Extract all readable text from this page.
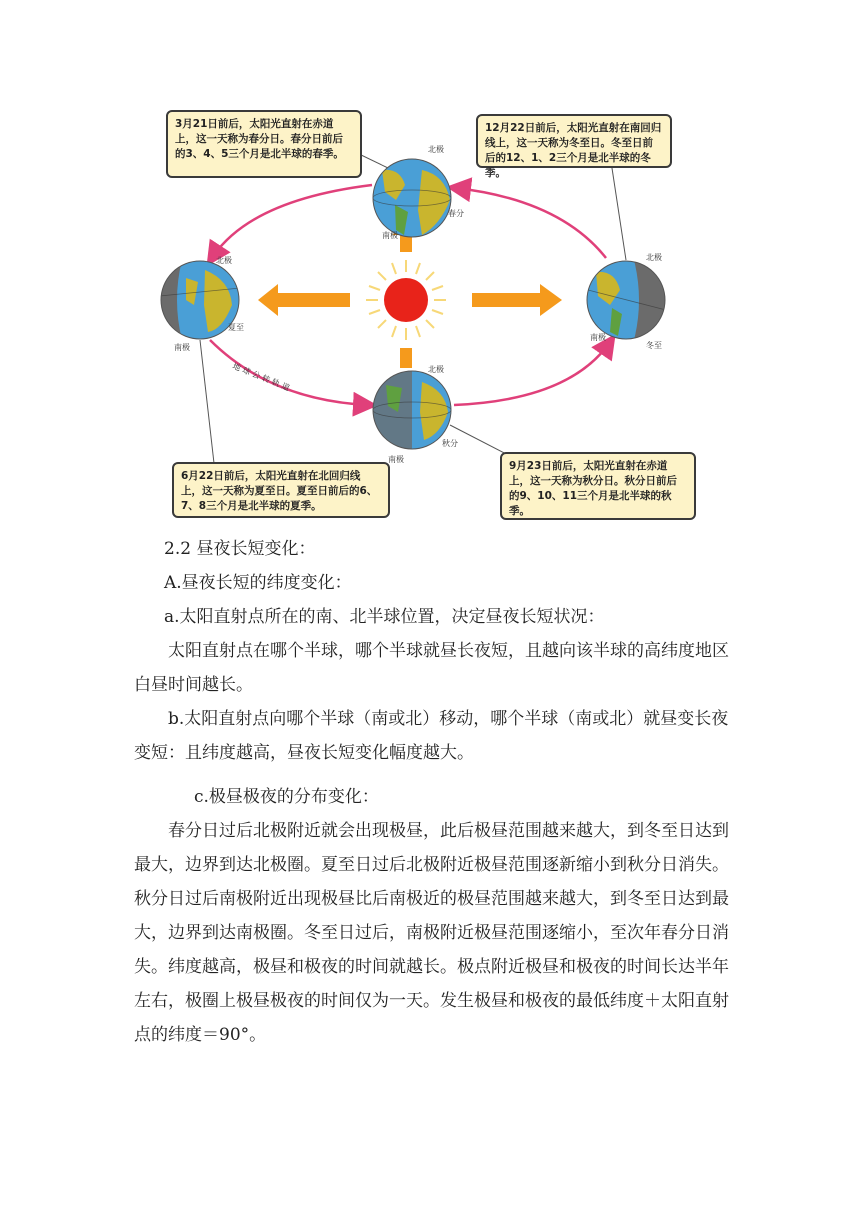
地 球 公 转 轨 道
北极
南极
春分
北极
南极
夏至
北极
南极
冬至
北极
南极
秋分
3月21日前后，太阳光直射在赤道上，这一天称为春分日。春分日前后的3、4、5三个月是北半球的春季。
12月22日前后，太阳光直射在南回归线上，这一天称为冬至日。冬至日前后的12、1、2三个月是北半球的冬季。
6月22日前后，太阳光直射在北回归线上，这一天称为夏至日。夏至日前后的6、7、8三个月是北半球的夏季。
9月23日前后，太阳光直射在赤道上，这一天称为秋分日。秋分日前后的9、10、11三个月是北半球的秋季。

2.2 昼夜长短变化：

A.昼夜长短的纬度变化：

a.太阳直射点所在的南、北半球位置，决定昼夜长短状况：

太阳直射点在哪个半球，哪个半球就昼长夜短，且越向该半球的高纬度地区白昼时间越长。

b.太阳直射点向哪个半球（南或北）移动，哪个半球（南或北）就昼变长夜变短：且纬度越高，昼夜长短变化幅度越大。

c.极昼极夜的分布变化：

春分日过后北极附近就会出现极昼，此后极昼范围越来越大，到冬至日达到最大，边界到达北极圈。夏至日过后北极附近极昼范围逐新缩小到秋分日消失。秋分日过后南极附近出现极昼比后南极近的极昼范围越来越大，到冬至日达到最大，边界到达南极圈。冬至日过后，南极附近极昼范围逐缩小，至次年春分日消失。纬度越高，极昼和极夜的时间就越长。极点附近极昼和极夜的时间长达半年左右，极圈上极昼极夜的时间仅为一天。发生极昼和极夜的最低纬度＋太阳直射点的纬度＝90°。
